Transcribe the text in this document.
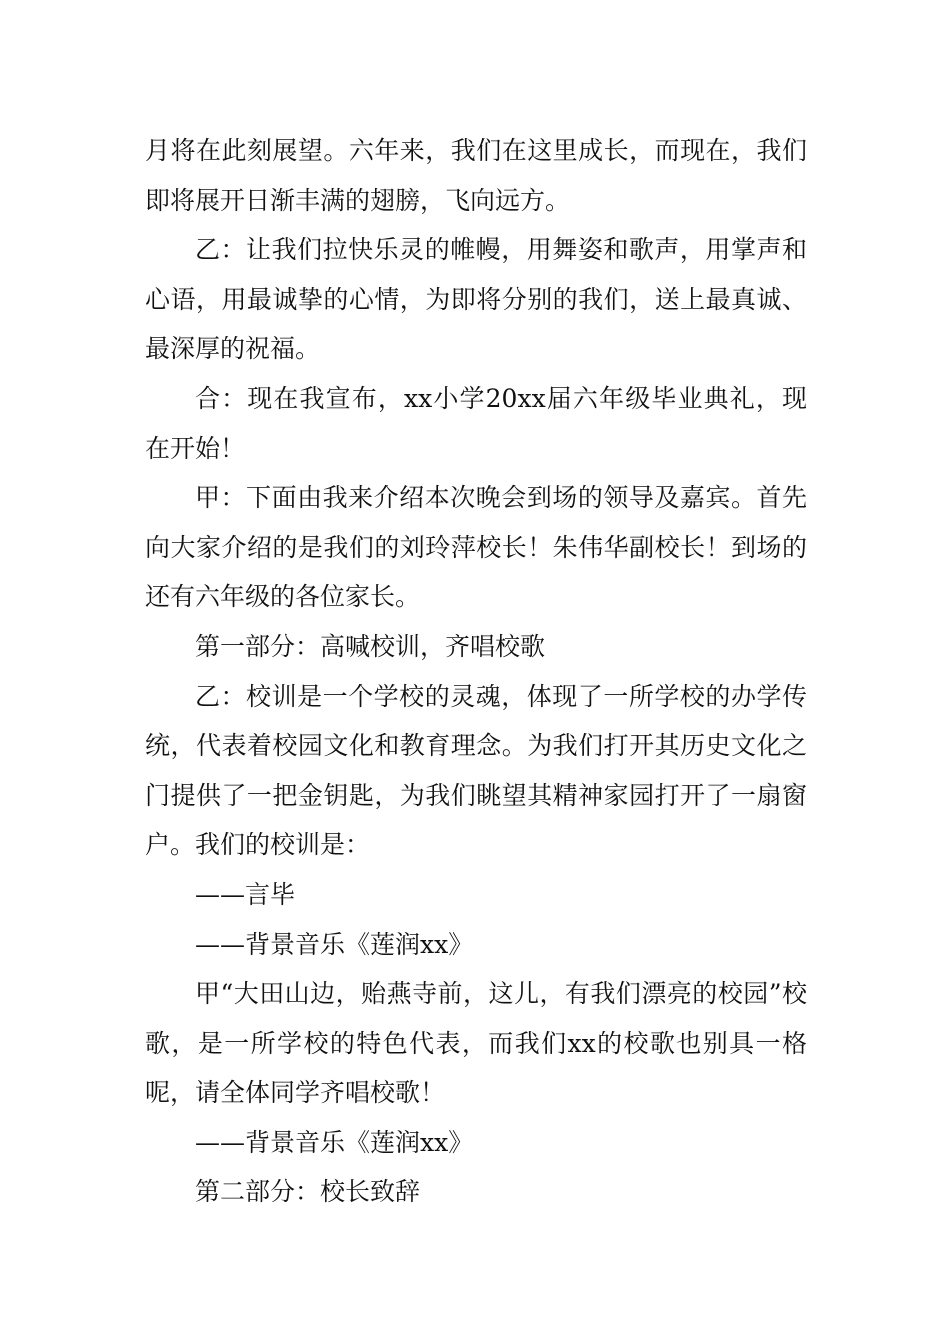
月将在此刻展望。六年来，我们在这里成长，而现在，我们即将展开日渐丰满的翅膀，飞向远方。

乙：让我们拉快乐灵的帷幔，用舞姿和歌声，用掌声和心语，用最诚挚的心情，为即将分别的我们，送上最真诚、最深厚的祝福。

合：现在我宣布，xx小学20xx届六年级毕业典礼，现在开始！

甲：下面由我来介绍本次晚会到场的领导及嘉宾。首先向大家介绍的是我们的刘玲萍校长！朱伟华副校长！到场的还有六年级的各位家长。

第一部分：高喊校训，齐唱校歌

乙：校训是一个学校的灵魂，体现了一所学校的办学传统，代表着校园文化和教育理念。为我们打开其历史文化之门提供了一把金钥匙，为我们眺望其精神家园打开了一扇窗户。我们的校训是：

——言毕

——背景音乐《莲润xx》

甲“大田山边，贻燕寺前，这儿，有我们漂亮的校园”校歌，是一所学校的特色代表，而我们xx的校歌也别具一格呢，请全体同学齐唱校歌！

——背景音乐《莲润xx》

第二部分：校长致辞
